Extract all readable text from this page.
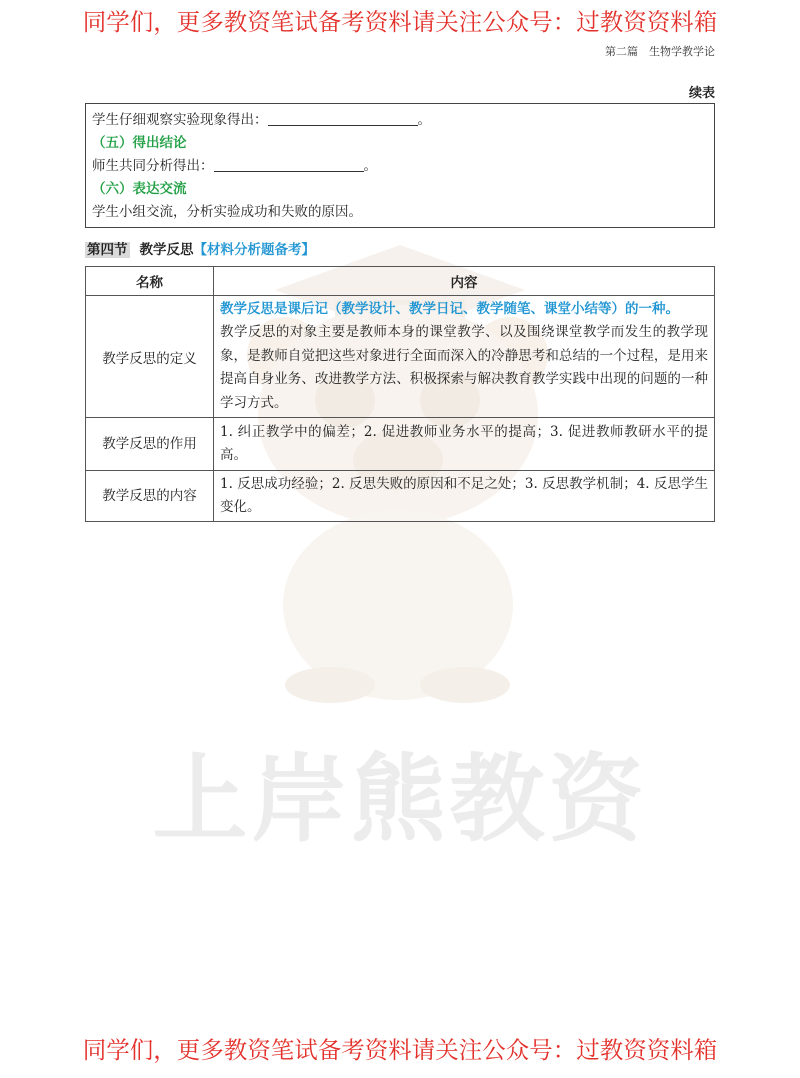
同学们，更多教资笔试备考资料请关注公众号：过教资资料箱
第二篇　生物学教学论
上岸熊教资
续表
学生仔细观察实验现象得出：	。
（五）得出结论
师生共同分析得出：	。
（六）表达交流
学生小组交流，分析实验成功和失败的原因。
第四节 教学反思【材料分析题备考】
名称	内容
教学反思的定义	教学反思是课后记（教学设计、教学日记、教学随笔、课堂小结等）的一种。
教学反思的对象主要是教师本身的课堂教学、以及围绕课堂教学而发生的教学现象，是教师自觉把这些对象进行全面而深入的冷静思考和总结的一个过程，是用来提高自身业务、改进教学方法、积极探索与解决教育教学实践中出现的问题的一种学习方式。

教学反思的作用	1. 纠正教学中的偏差；2. 促进教师业务水平的提高；3. 促进教师教研水平的提高。
教学反思的内容	1. 反思成功经验；2. 反思失败的原因和不足之处；3. 反思教学机制；4. 反思学生变化。
同学们，更多教资笔试备考资料请关注公众号：过教资资料箱
